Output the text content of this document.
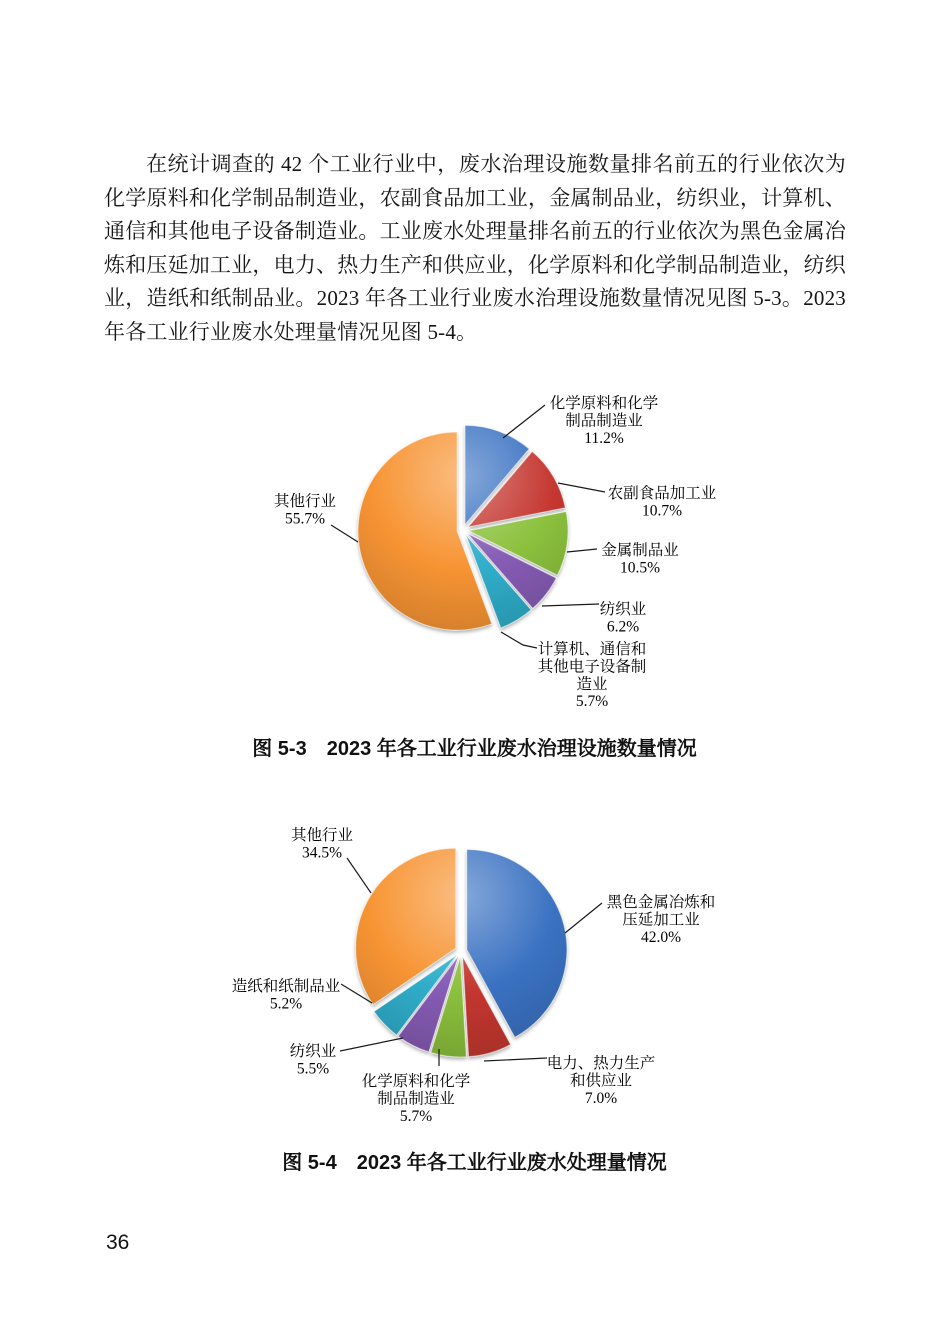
在统计调查的 42 个工业行业中，废水治理设施数量排名前五的行业依次为化学原料和化学制品制造业，农副食品加工业，金属制品业，纺织业，计算机、通信和其他电子设备制造业。工业废水处理量排名前五的行业依次为黑色金属冶炼和压延加工业，电力、热力生产和供应业，化学原料和化学制品制造业，纺织业，造纸和纸制品业。2023 年各工业行业废水治理设施数量情况见图 5-3。2023 年各工业行业废水处理量情况见图 5-4。

化学原料和化学制品制造业 11.2%
农副食品加工业 10.7%
金属制品业 10.5%
纺织业 6.2%
计算机、通信和其他电子设备制造业 5.7%
其他行业 55.7%
图 5-3　2023 年各工业行业废水治理设施数量情况
黑色金属冶炼和压延加工业 42.0%
电力、热力生产和供应业 7.0%
化学原料和化学制品制造业 5.7%
纺织业 5.5%
造纸和纸制品业 5.2%
其他行业 34.5%
图 5-4　2023 年各工业行业废水处理量情况
36
